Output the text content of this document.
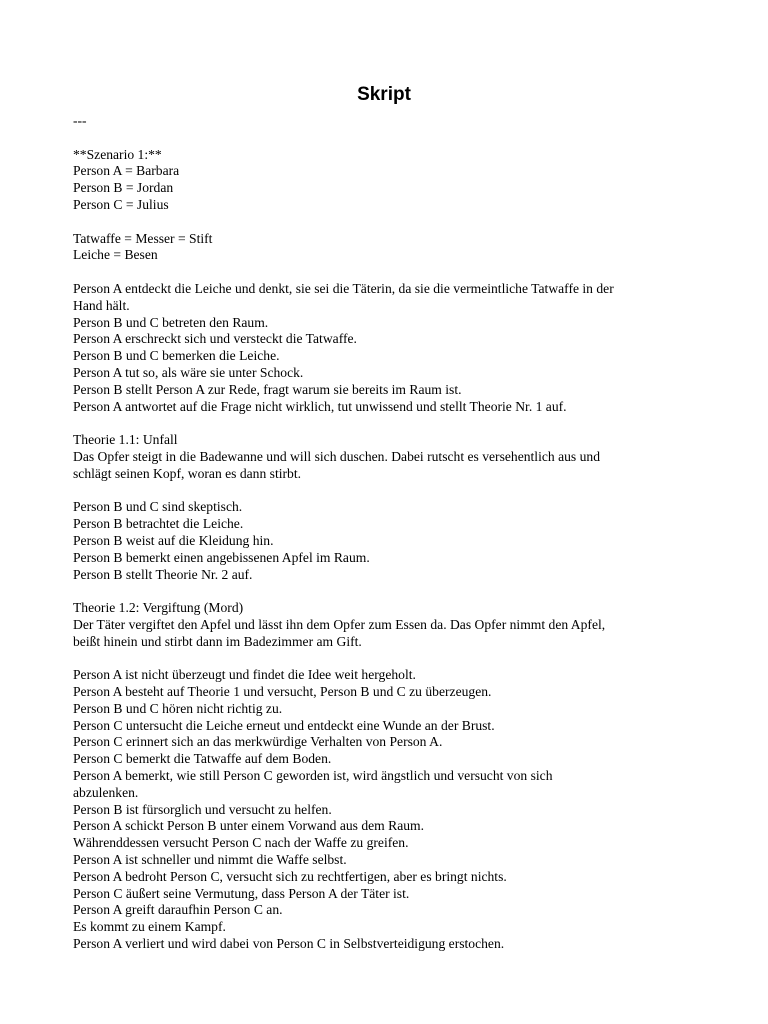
Skript
---
**Szenario 1:**
Person A = Barbara
Person B = Jordan
Person C = Julius
Tatwaffe = Messer = Stift
Leiche = Besen
Person A entdeckt die Leiche und denkt, sie sei die Täterin, da sie die vermeintliche Tatwaffe in der
Hand hält.
Person B und C betreten den Raum.
Person A erschreckt sich und versteckt die Tatwaffe.
Person B und C bemerken die Leiche.
Person A tut so, als wäre sie unter Schock.
Person B stellt Person A zur Rede, fragt warum sie bereits im Raum ist.
Person A antwortet auf die Frage nicht wirklich, tut unwissend und stellt Theorie Nr. 1 auf.
Theorie 1.1: Unfall
Das Opfer steigt in die Badewanne und will sich duschen. Dabei rutscht es versehentlich aus und
schlägt seinen Kopf, woran es dann stirbt.
Person B und C sind skeptisch.
Person B betrachtet die Leiche.
Person B weist auf die Kleidung hin.
Person B bemerkt einen angebissenen Apfel im Raum.
Person B stellt Theorie Nr. 2 auf.
Theorie 1.2: Vergiftung (Mord)
Der Täter vergiftet den Apfel und lässt ihn dem Opfer zum Essen da. Das Opfer nimmt den Apfel,
beißt hinein und stirbt dann im Badezimmer am Gift.
Person A ist nicht überzeugt und findet die Idee weit hergeholt.
Person A besteht auf Theorie 1 und versucht, Person B und C zu überzeugen.
Person B und C hören nicht richtig zu.
Person C untersucht die Leiche erneut und entdeckt eine Wunde an der Brust.
Person C erinnert sich an das merkwürdige Verhalten von Person A.
Person C bemerkt die Tatwaffe auf dem Boden.
Person A bemerkt, wie still Person C geworden ist, wird ängstlich und versucht von sich
abzulenken.
Person B ist fürsorglich und versucht zu helfen.
Person A schickt Person B unter einem Vorwand aus dem Raum.
Währenddessen versucht Person C nach der Waffe zu greifen.
Person A ist schneller und nimmt die Waffe selbst.
Person A bedroht Person C, versucht sich zu rechtfertigen, aber es bringt nichts.
Person C äußert seine Vermutung, dass Person A der Täter ist.
Person A greift daraufhin Person C an.
Es kommt zu einem Kampf.
Person A verliert und wird dabei von Person C in Selbstverteidigung erstochen.
